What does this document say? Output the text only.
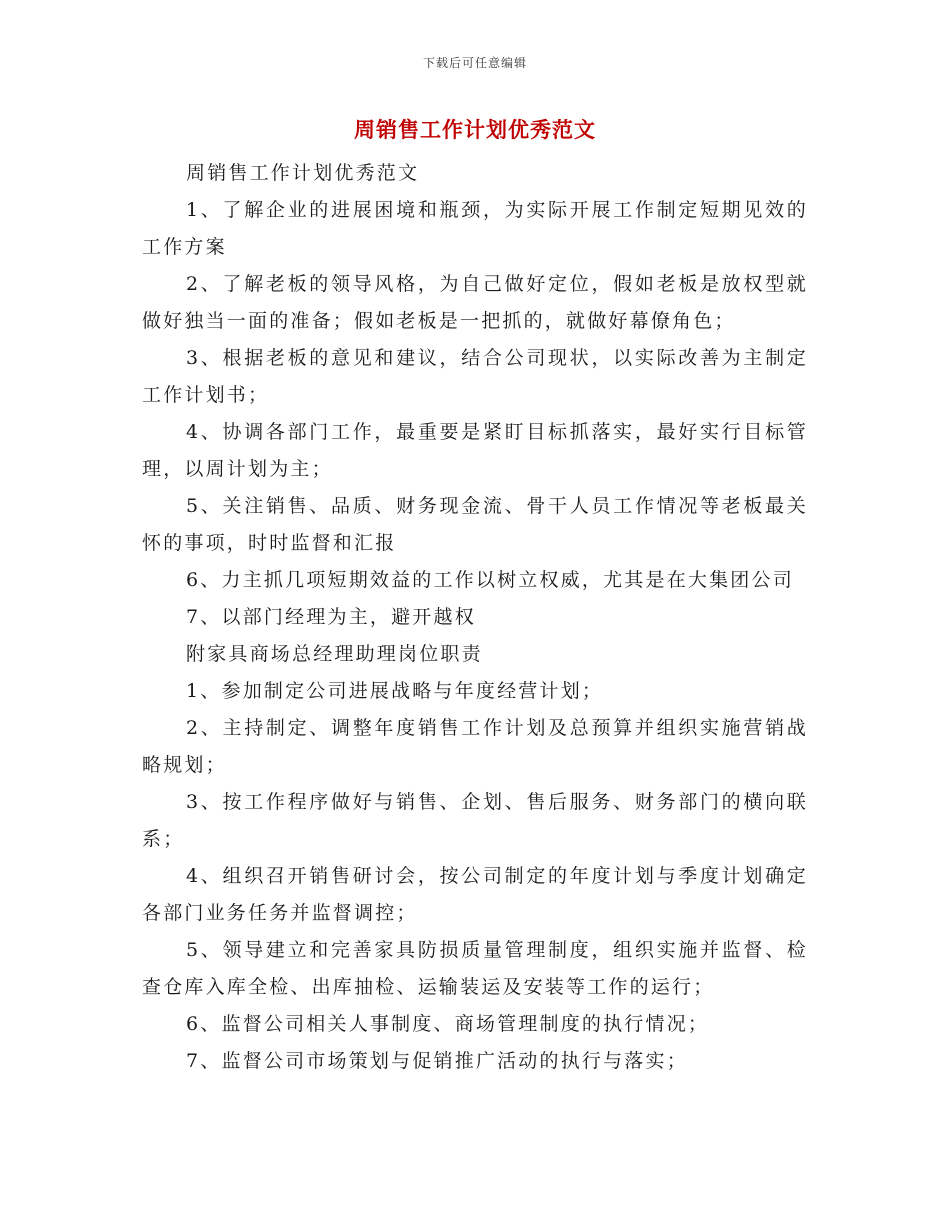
下载后可任意编辑
周销售工作计划优秀范文

周销售工作计划优秀范文

1、了解企业的进展困境和瓶颈，为实际开展工作制定短期见效的工作方案

2、了解老板的领导风格，为自己做好定位，假如老板是放权型就做好独当一面的准备；假如老板是一把抓的，就做好幕僚角色；

3、根据老板的意见和建议，结合公司现状，以实际改善为主制定工作计划书；

4、协调各部门工作，最重要是紧盯目标抓落实，最好实行目标管理，以周计划为主；

5、关注销售、品质、财务现金流、骨干人员工作情况等老板最关怀的事项，时时监督和汇报

6、力主抓几项短期效益的工作以树立权威，尤其是在大集团公司

7、以部门经理为主，避开越权

附家具商场总经理助理岗位职责

1、参加制定公司进展战略与年度经营计划；

2、主持制定、调整年度销售工作计划及总预算并组织实施营销战略规划；

3、按工作程序做好与销售、企划、售后服务、财务部门的横向联系；

4、组织召开销售研讨会，按公司制定的年度计划与季度计划确定各部门业务任务并监督调控；

5、领导建立和完善家具防损质量管理制度，组织实施并监督、检查仓库入库全检、出库抽检、运输装运及安装等工作的运行；

6、监督公司相关人事制度、商场管理制度的执行情况；

7、监督公司市场策划与促销推广活动的执行与落实；
